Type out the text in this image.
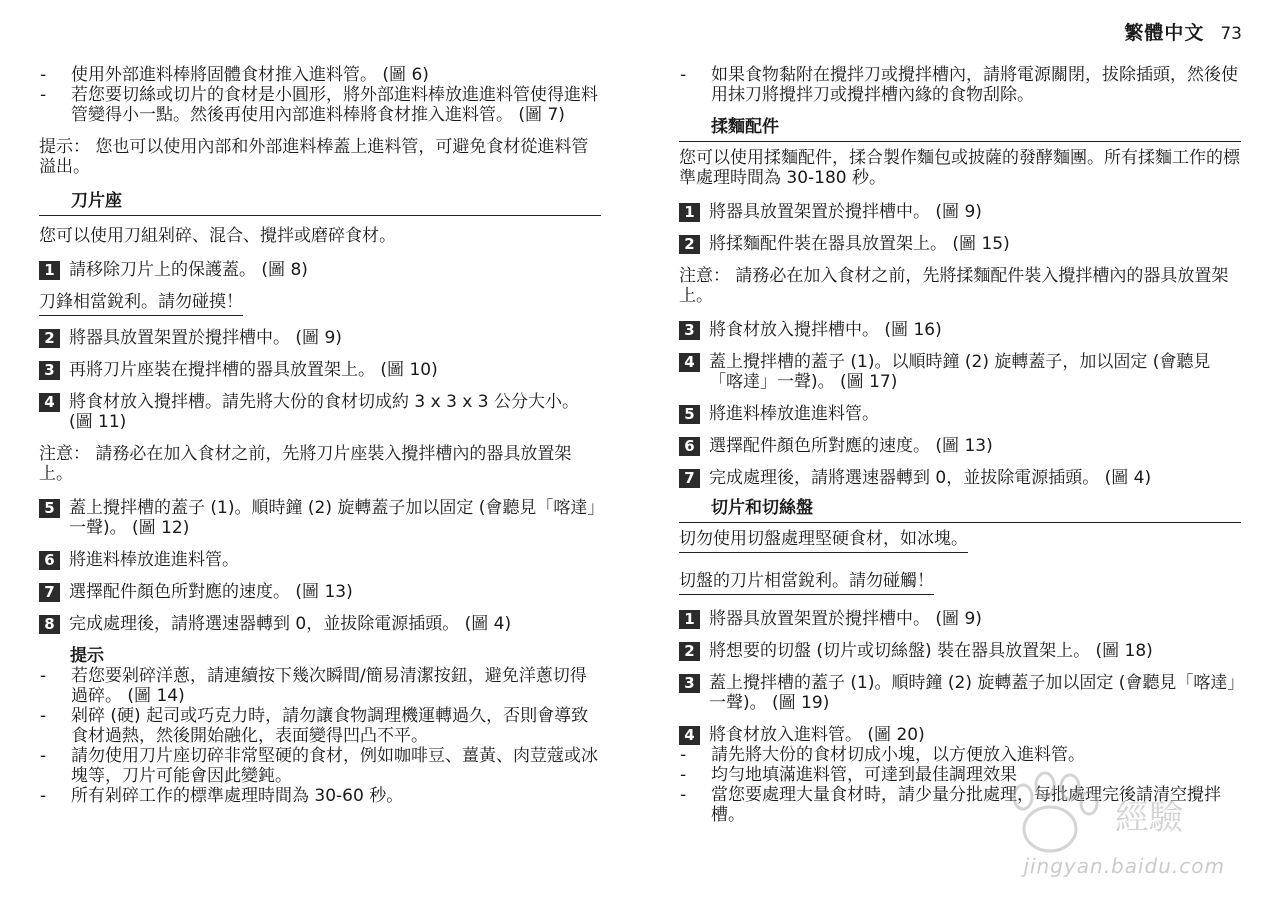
繁體中文 73
-	使用外部進料棒將固體食材推入進料管。 (圖 6)
-	若您要切絲或切片的食材是小圓形，將外部進料棒放進進料管使得進料管變得小一點。然後再使用內部進料棒將食材推入進料管。 (圖 7)

提示： 您也可以使用內部和外部進料棒蓋上進料管，可避免食材從進料管溢出。

刀片座

您可以使用刀組剁碎、混合、攪拌或磨碎食材。

1 請移除刀片上的保護蓋。 (圖 8)

刀鋒相當銳利。請勿碰摸！

2 將器具放置架置於攪拌槽中。 (圖 9)
3 再將刀片座裝在攪拌槽的器具放置架上。 (圖 10)
4 將食材放入攪拌槽。請先將大份的食材切成約 3 x 3 x 3 公分大小。 (圖 11)

注意： 請務必在加入食材之前，先將刀片座裝入攪拌槽內的器具放置架上。

5 蓋上攪拌槽的蓋子 (1)。順時鐘 (2) 旋轉蓋子加以固定 (會聽見「喀達」一聲)。 (圖 12)
6 將進料棒放進進料管。
7 選擇配件顏色所對應的速度。 (圖 13)
8 完成處理後，請將選速器轉到 0，並拔除電源插頭。 (圖 4)

提示

-	若您要剁碎洋蔥，請連續按下幾次瞬間/簡易清潔按鈕，避免洋蔥切得過碎。 (圖 14)
-	剁碎 (硬) 起司或巧克力時，請勿讓食物調理機運轉過久，否則會導致食材過熱，然後開始融化，表面變得凹凸不平。
-	請勿使用刀片座切碎非常堅硬的食材，例如咖啡豆、薑黃、肉荳蔻或冰塊等，刀片可能會因此變鈍。
-	所有剁碎工作的標準處理時間為 30-60 秒。
-	如果食物黏附在攪拌刀或攪拌槽內，請將電源關閉，拔除插頭，然後使用抹刀將攪拌刀或攪拌槽內緣的食物刮除。

揉麵配件

您可以使用揉麵配件，揉合製作麵包或披薩的發酵麵團。所有揉麵工作的標準處理時間為 30-180 秒。

1 將器具放置架置於攪拌槽中。 (圖 9)
2 將揉麵配件裝在器具放置架上。 (圖 15)

注意： 請務必在加入食材之前，先將揉麵配件裝入攪拌槽內的器具放置架上。

3 將食材放入攪拌槽中。 (圖 16)
4 蓋上攪拌槽的蓋子 (1)。以順時鐘 (2) 旋轉蓋子，加以固定 (會聽見「喀達」一聲)。 (圖 17)
5 將進料棒放進進料管。
6 選擇配件顏色所對應的速度。 (圖 13)
7 完成處理後，請將選速器轉到 0，並拔除電源插頭。 (圖 4)

切片和切絲盤

切勿使用切盤處理堅硬食材，如冰塊。

切盤的刀片相當銳利。請勿碰觸！

1 將器具放置架置於攪拌槽中。 (圖 9)
2 將想要的切盤 (切片或切絲盤) 裝在器具放置架上。 (圖 18)
3 蓋上攪拌槽的蓋子 (1)。順時鐘 (2) 旋轉蓋子加以固定 (會聽見「喀達」一聲)。 (圖 19)
4 將食材放入進料管。 (圖 20)
-	請先將大份的食材切成小塊，以方便放入進料管。
-	均勻地填滿進料管，可達到最佳調理效果
-	當您要處理大量食材時，請少量分批處理，每批處理完後請清空攪拌槽。	經驗
jingyan.baidu.com
